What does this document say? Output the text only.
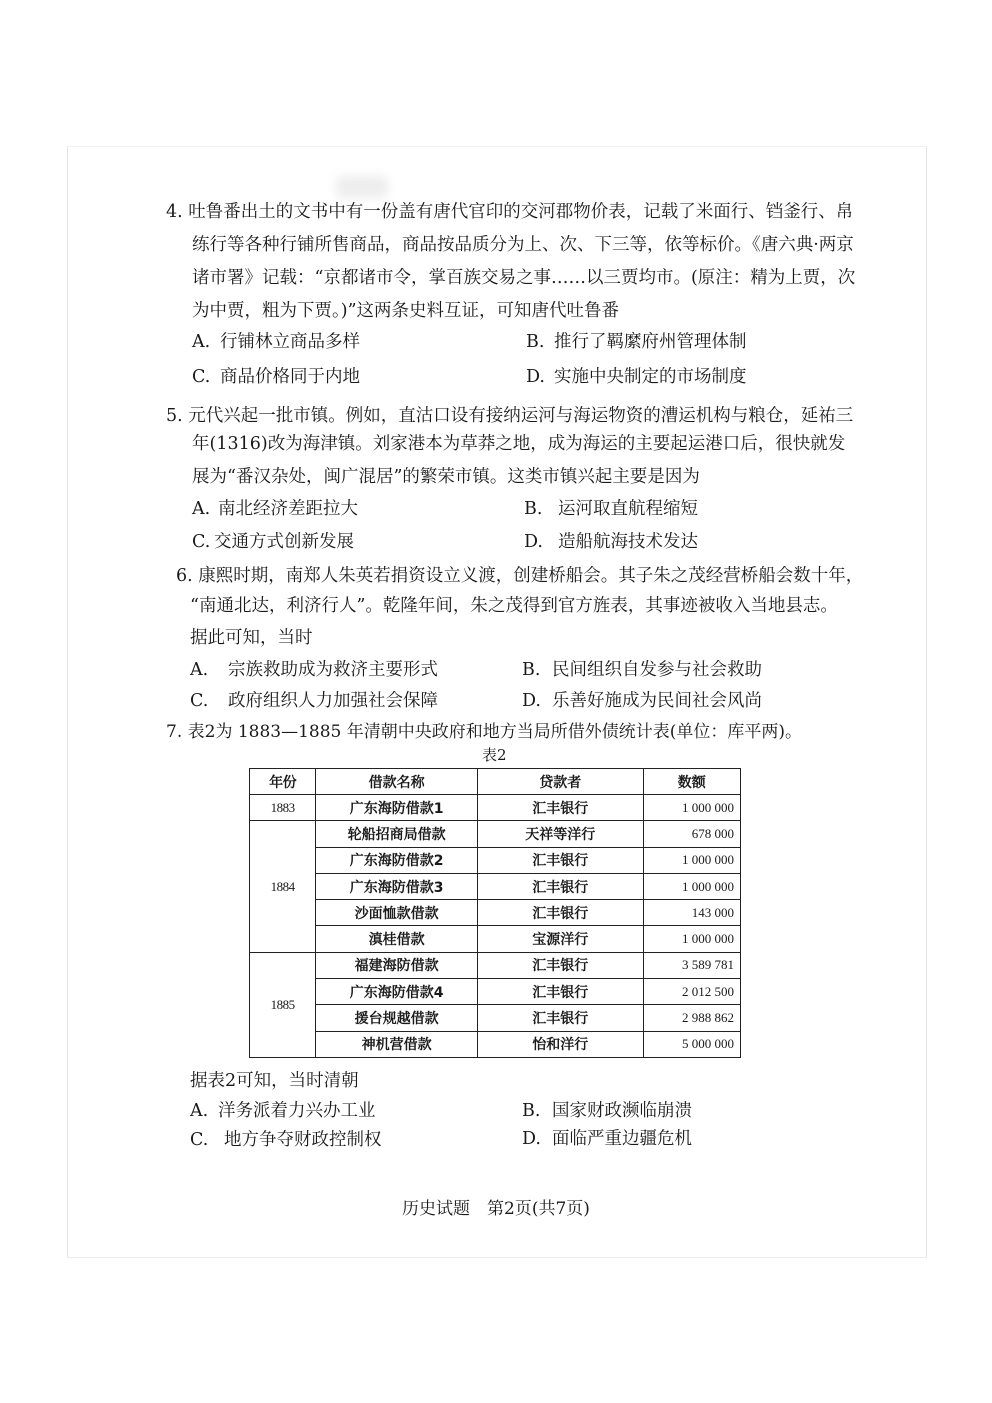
4. 吐鲁番出土的文书中有一份盖有唐代官印的交河郡物价表，记载了米面行、铛釜行、帛
练行等各种行铺所售商品，商品按品质分为上、次、下三等，依等标价。《唐六典·两京
诸市署》记载：“京都诸市令，掌百族交易之事……以三贾均市。(原注：精为上贾，次
为中贾，粗为下贾。)”这两条史料互证，可知唐代吐鲁番
A. 行铺林立商品多样	B. 推行了羁縻府州管理体制
C. 商品价格同于内地	D. 实施中央制定的市场制度
5. 元代兴起一批市镇。例如，直沽口设有接纳运河与海运物资的漕运机构与粮仓，延祐三
年(1316)改为海津镇。刘家港本为草莽之地，成为海运的主要起运港口后，很快就发
展为“番汉杂处，闽广混居”的繁荣市镇。这类市镇兴起主要是因为
A. 南北经济差距拉大	B. 运河取直航程缩短
C. 交通方式创新发展	D. 造船航海技术发达
6. 康熙时期，南郑人朱英若捐资设立义渡，创建桥船会。其子朱之茂经营桥船会数十年，
“南通北达，利济行人”。乾隆年间，朱之茂得到官方旌表，其事迹被收入当地县志。
据此可知，当时
A. 宗族救助成为救济主要形式	B. 民间组织自发参与社会救助
C. 政府组织人力加强社会保障	D. 乐善好施成为民间社会风尚
7. 表2为 1883—1885 年清朝中央政府和地方当局所借外债统计表(单位：库平两)。
表2
年份	借款名称	贷款者	数额
1883	广东海防借款1	汇丰银行	1 000 000
1884	轮船招商局借款	天祥等洋行	678 000
	广东海防借款2	汇丰银行	1 000 000
	广东海防借款3	汇丰银行	1 000 000
	沙面恤款借款	汇丰银行	143 000
	滇桂借款	宝源洋行	1 000 000
1885	福建海防借款	汇丰银行	3 589 781
	广东海防借款4	汇丰银行	2 012 500
	援台规越借款	汇丰银行	2 988 862
	神机营借款	怡和洋行	5 000 000
据表2可知，当时清朝
A. 洋务派着力兴办工业	B. 国家财政濒临崩溃
C. 地方争夺财政控制权	D. 面临严重边疆危机
历史试题　第2页(共7页)
